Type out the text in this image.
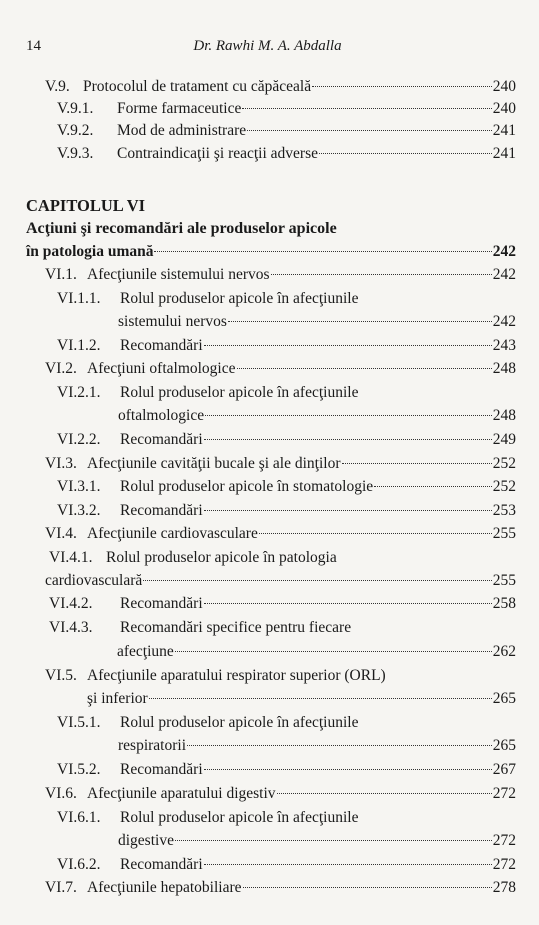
14	Dr. Rawhi M. A. Abdalla
V.9. Protocolul de tratament cu căpăceală	240
V.9.1. Forme farmaceutice	240
V.9.2. Mod de administrare	241
V.9.3. Contraindicaţii şi reacţii adverse	241
CAPITOLUL VI
Acţiuni şi recomandări ale produselor apicole
în patologia umană	242
VI.1. Afecţiunile sistemului nervos	242
VI.1.1. Rolul produselor apicole în afecţiunile
sistemului nervos	242
VI.1.2. Recomandări	243
VI.2. Afecţiuni oftalmologice	248
VI.2.1. Rolul produselor apicole în afecţiunile
oftalmologice	248
VI.2.2. Recomandări	249
VI.3. Afecţiunile cavităţii bucale şi ale dinţilor	252
VI.3.1. Rolul produselor apicole în stomatologie	252
VI.3.2. Recomandări	253
VI.4. Afecţiunile cardiovasculare	255
VI.4.1. Rolul produselor apicole în patologia
cardiovasculară	255
VI.4.2. Recomandări	258
VI.4.3. Recomandări specifice pentru fiecare
afecţiune	262
VI.5. Afecţiunile aparatului respirator superior (ORL)
şi inferior	265
VI.5.1. Rolul produselor apicole în afecţiunile
respiratorii	265
VI.5.2. Recomandări	267
VI.6. Afecţiunile aparatului digestiv	272
VI.6.1. Rolul produselor apicole în afecţiunile
digestive	272
VI.6.2. Recomandări	272
VI.7. Afecţiunile hepatobiliare	278
